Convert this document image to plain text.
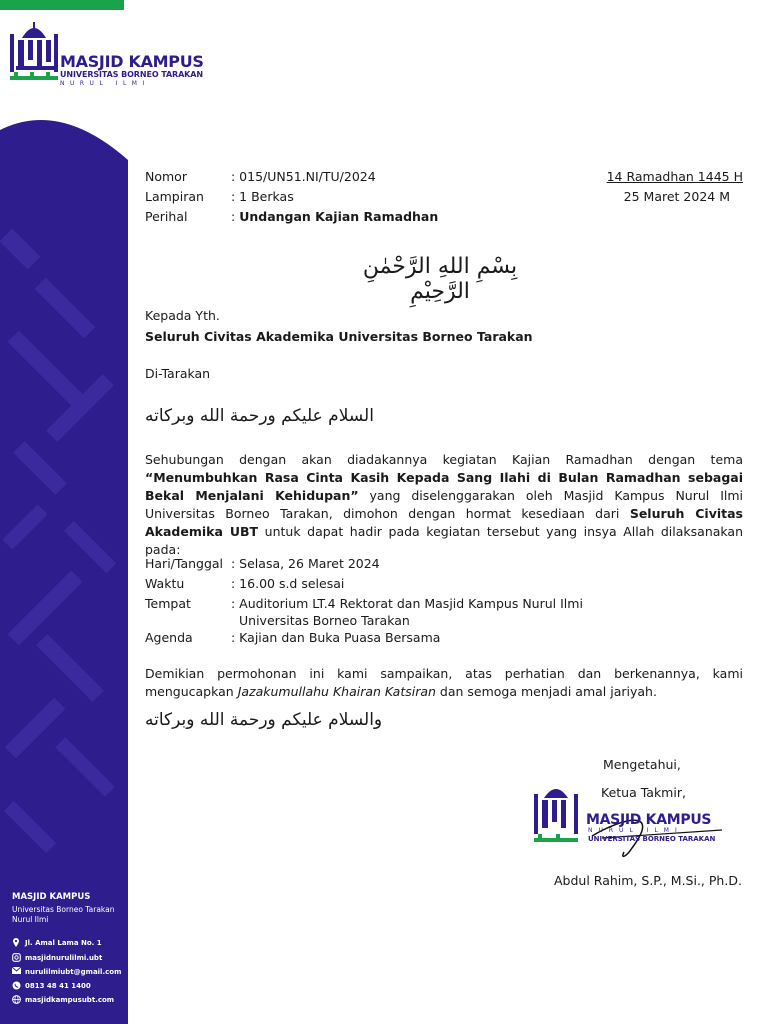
MASJID KAMPUS
UNIVERSITAS BORNEO TARAKAN
NURUL ILMI
MASJID KAMPUS
Universitas Borneo Tarakan
Nurul Ilmi
Jl. Amal Lama No. 1
masjidnurulilmi.ubt
nurulilmiubt@gmail.com
0813 48 41 1400
masjidkampusubt.com
Nomor	: 015/UN51.NI/TU/2024
Lampiran : 1 Berkas
Perihal	: Undangan Kajian Ramadhan
14 Ramadhan 1445 H
25 Maret 2024 M
بِسْمِ اللهِ الرَّحْمٰنِ الرَّحِيْمِ
Kepada Yth.
Seluruh Civitas Akademika Universitas Borneo Tarakan
Di-Tarakan
السلام عليكم ورحمة الله وبركاته
Sehubungan dengan akan diadakannya kegiatan Kajian Ramadhan dengan tema “Menumbuhkan Rasa Cinta Kasih Kepada Sang Ilahi di Bulan Ramadhan sebagai Bekal Menjalani Kehidupan” yang diselenggarakan oleh Masjid Kampus Nurul Ilmi Universitas Borneo Tarakan, dimohon dengan hormat kesediaan dari Seluruh Civitas Akademika UBT untuk dapat hadir pada kegiatan tersebut yang insya Allah dilaksanakan pada:
Hari/Tanggal : Selasa, 26 Maret 2024
Waktu	: 16.00 s.d selesai
Tempat	: Auditorium LT.4 Rektorat dan Masjid Kampus Nurul Ilmi
Universitas Borneo Tarakan
Agenda	: Kajian dan Buka Puasa Bersama
Demikian permohonan ini kami sampaikan, atas perhatian dan berkenannya, kami mengucapkan Jazakumullahu Khairan Katsiran dan semoga menjadi amal jariyah.
والسلام عليكم ورحمة الله وبركاته
Mengetahui,
Ketua Takmir,
MASJID KAMPUS
NURUL ILMI
UNIVERSITAS BORNEO TARAKAN
Abdul Rahim, S.P., M.Si., Ph.D.
